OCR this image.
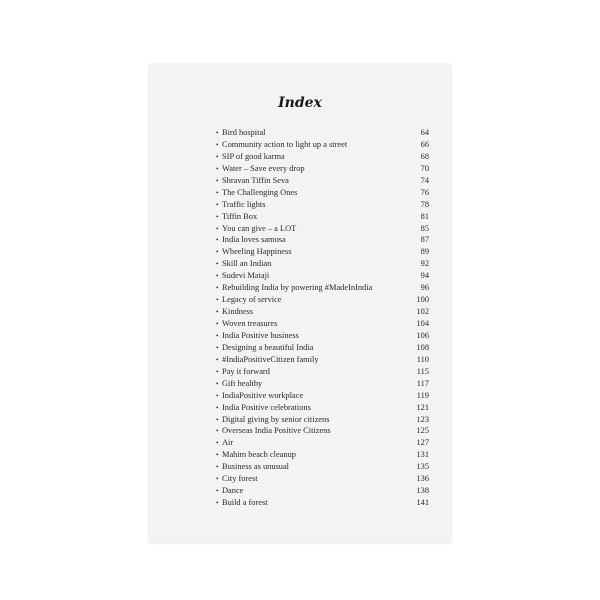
Index
• Bird hospital	64
• Community action to light up a street	66
• SIP of good karma	68
• Water – Save every drop	70
• Shravan Tiffin Seva	74
• The Challenging Ones	76
• Traffic lights	78
• Tiffin Box	81
• You can give – a LOT	85
• India loves samosa	87
• Wheeling Happiness	89
• Skill an Indian	92
• Sudevi Mataji	94
• Rebuilding India by powering #MadeInIndia	96
• Legacy of service	100
• Kindness	102
• Woven treasures	104
• India Positive business	106
• Designing a beautiful India	108
• #IndiaPositiveCitizen family	110
• Pay it forward	115
• Gift healthy	117
• IndiaPositive workplace	119
• India Positive celebrations	121
• Digital giving by senior citizens	123
• Overseas India Positive Citizens	125
• Air	127
• Mahim beach cleanup	131
• Business as unusual	135
• City forest	136
• Dance	138
• Build a forest	141
